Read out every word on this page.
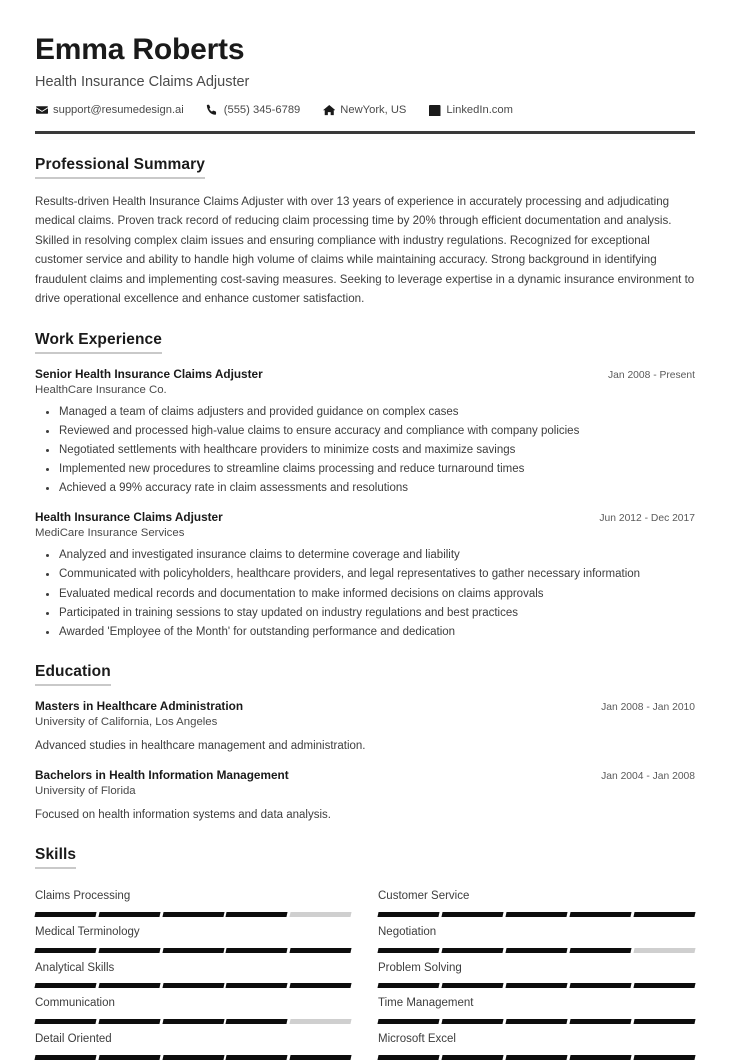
Emma Roberts
Health Insurance Claims Adjuster
support@resumedesign.ai	(555) 345-6789	NewYork, US	LinkedIn.com
Professional Summary
Results-driven Health Insurance Claims Adjuster with over 13 years of experience in accurately processing and adjudicating medical claims. Proven track record of reducing claim processing time by 20% through efficient documentation and analysis. Skilled in resolving complex claim issues and ensuring compliance with industry regulations. Recognized for exceptional customer service and ability to handle high volume of claims while maintaining accuracy. Strong background in identifying fraudulent claims and implementing cost-saving measures. Seeking to leverage expertise in a dynamic insurance environment to drive operational excellence and enhance customer satisfaction.
Work Experience
Senior Health Insurance Claims Adjuster	Jan 2008 - Present
HealthCare Insurance Co.
Managed a team of claims adjusters and provided guidance on complex cases
Reviewed and processed high-value claims to ensure accuracy and compliance with company policies
Negotiated settlements with healthcare providers to minimize costs and maximize savings
Implemented new procedures to streamline claims processing and reduce turnaround times
Achieved a 99% accuracy rate in claim assessments and resolutions
Health Insurance Claims Adjuster	Jun 2012 - Dec 2017
MediCare Insurance Services
Analyzed and investigated insurance claims to determine coverage and liability
Communicated with policyholders, healthcare providers, and legal representatives to gather necessary information
Evaluated medical records and documentation to make informed decisions on claims approvals
Participated in training sessions to stay updated on industry regulations and best practices
Awarded 'Employee of the Month' for outstanding performance and dedication
Education
Masters in Healthcare Administration	Jan 2008 - Jan 2010
University of California, Los Angeles
Advanced studies in healthcare management and administration.
Bachelors in Health Information Management	Jan 2004 - Jan 2008
University of Florida
Focused on health information systems and data analysis.
Skills
Claims Processing	Customer Service
Medical Terminology	Negotiation
Analytical Skills	Problem Solving
Communication	Time Management
Detail Oriented	Microsoft Excel
